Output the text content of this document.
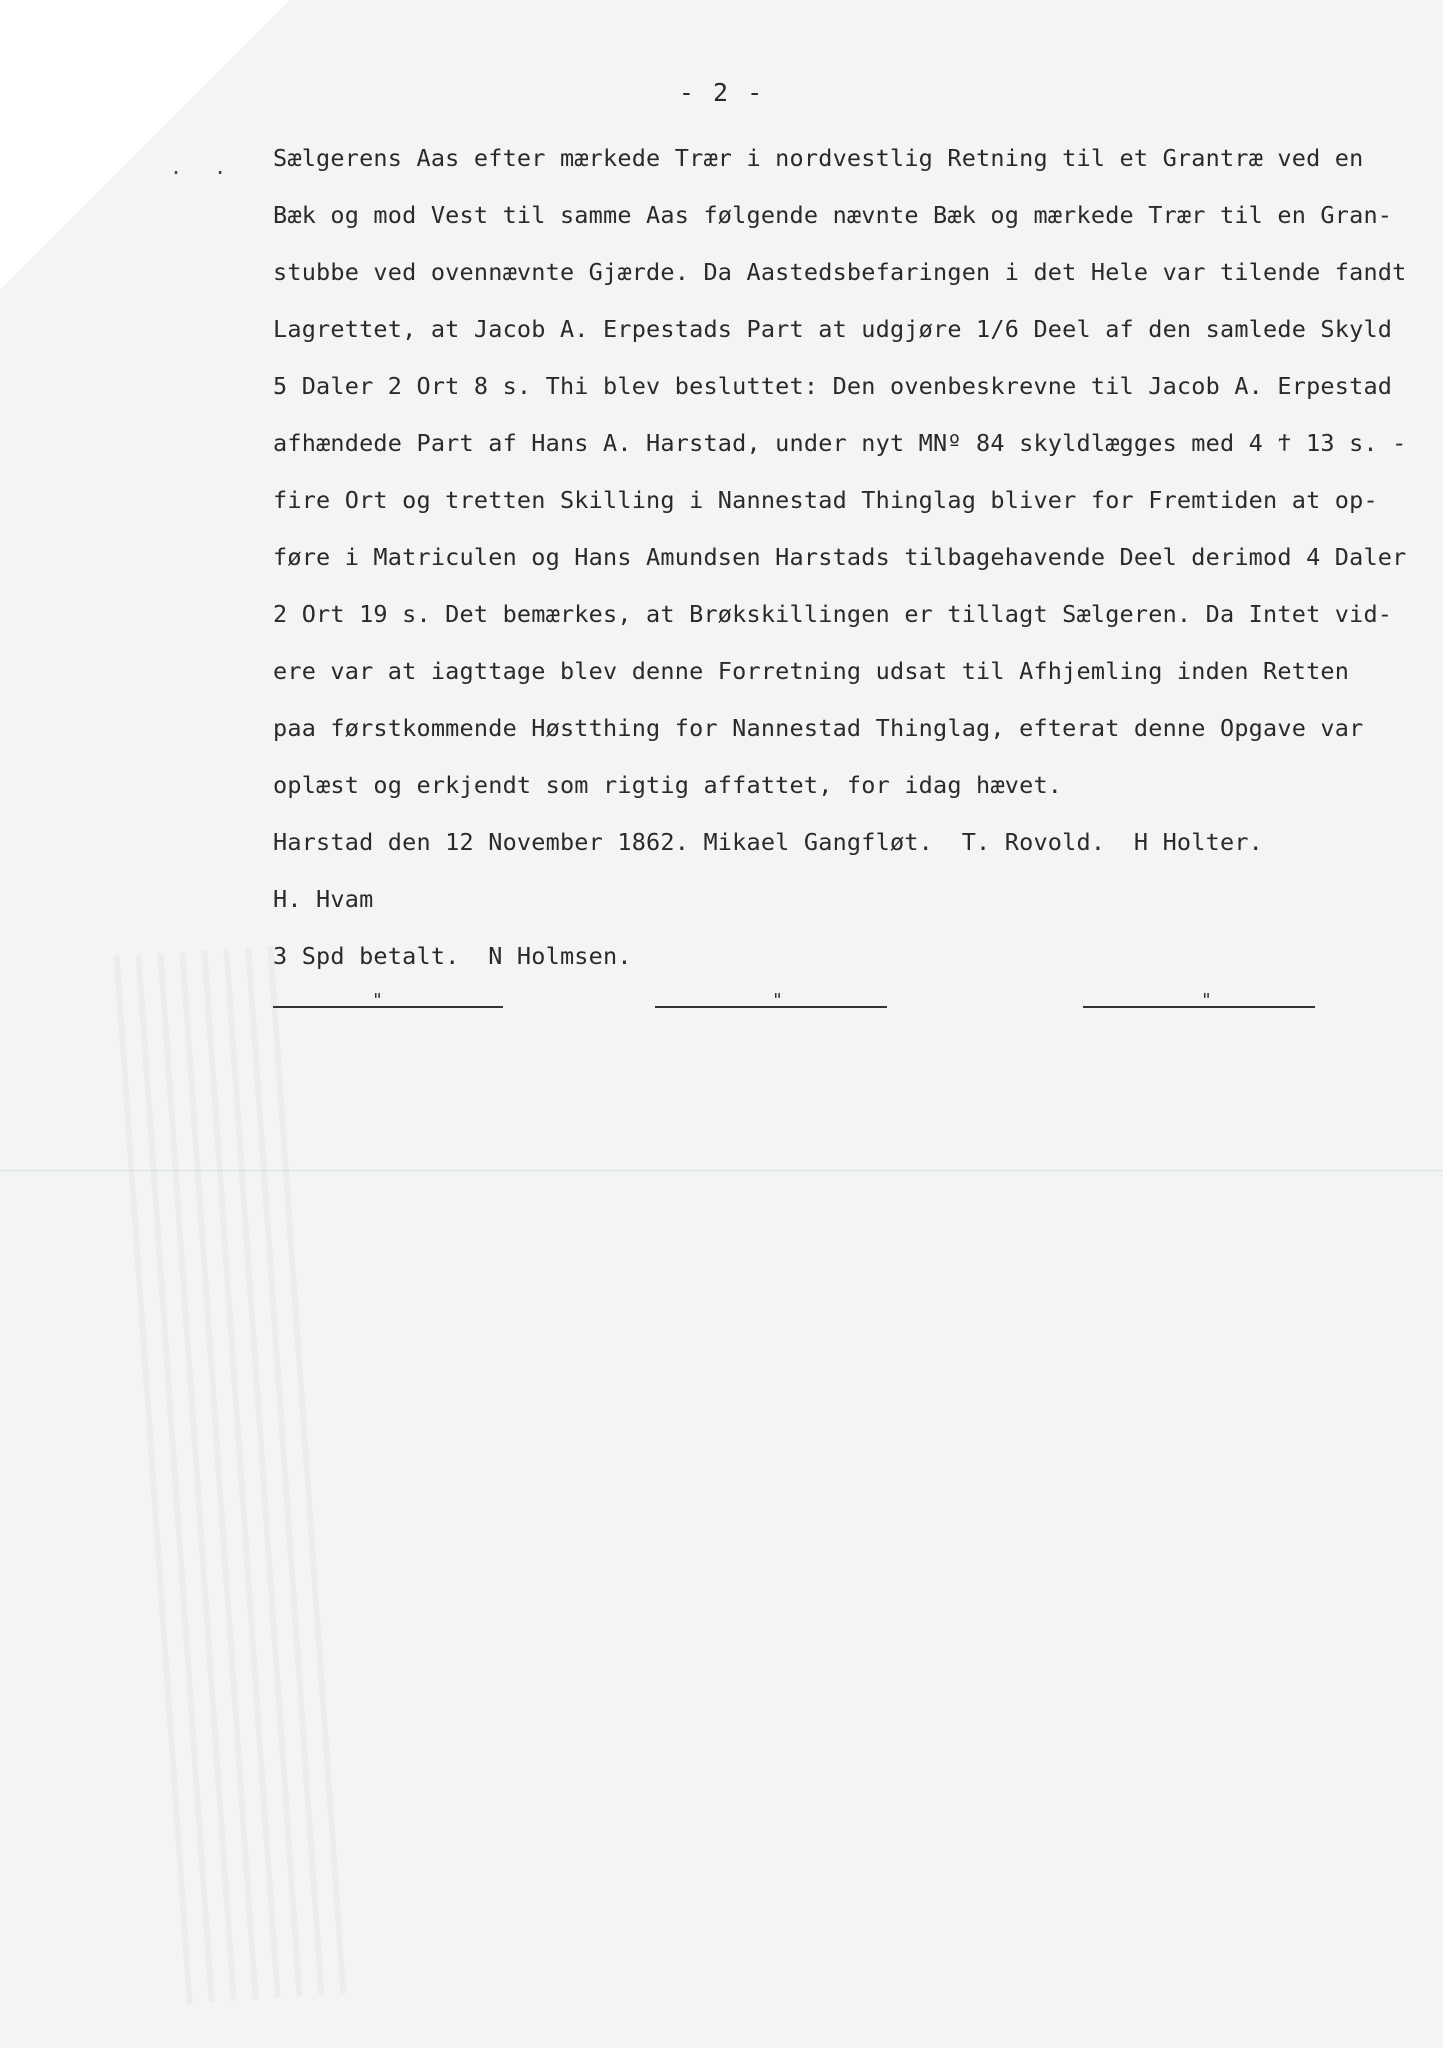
- 2 -
. . Sælgerens Aas efter mærkede Trær i nordvestlig Retning til et Grantræ ved en
Bæk og mod Vest til samme Aas følgende nævnte Bæk og mærkede Trær til en Gran-
stubbe ved ovennævnte Gjærde. Da Aastedsbefaringen i det Hele var tilende fandt
Lagrettet, at Jacob A. Erpestads Part at udgjøre 1/6 Deel af den samlede Skyld
5 Daler 2 Ort 8 s. Thi blev besluttet: Den ovenbeskrevne til Jacob A. Erpestad
afhændede Part af Hans A. Harstad, under nyt MNº 84 skyldlægges med 4 ϯ 13 s. -
fire Ort og tretten Skilling i Nannestad Thinglag bliver for Fremtiden at op-
føre i Matriculen og Hans Amundsen Harstads tilbagehavende Deel derimod 4 Daler
2 Ort 19 s. Det bemærkes, at Brøkskillingen er tillagt Sælgeren. Da Intet vid-
ere var at iagttage blev denne Forretning udsat til Afhjemling inden Retten
paa førstkommende Høstthing for Nannestad Thinglag, efterat denne Opgave var
oplæst og erkjendt som rigtig affattet, for idag hævet.
Harstad den 12 November 1862. Mikael Gangfløt.  T. Rovold.  H Holter.
H. Hvam
3 Spd betalt.  N Holmsen.
"	"	"
